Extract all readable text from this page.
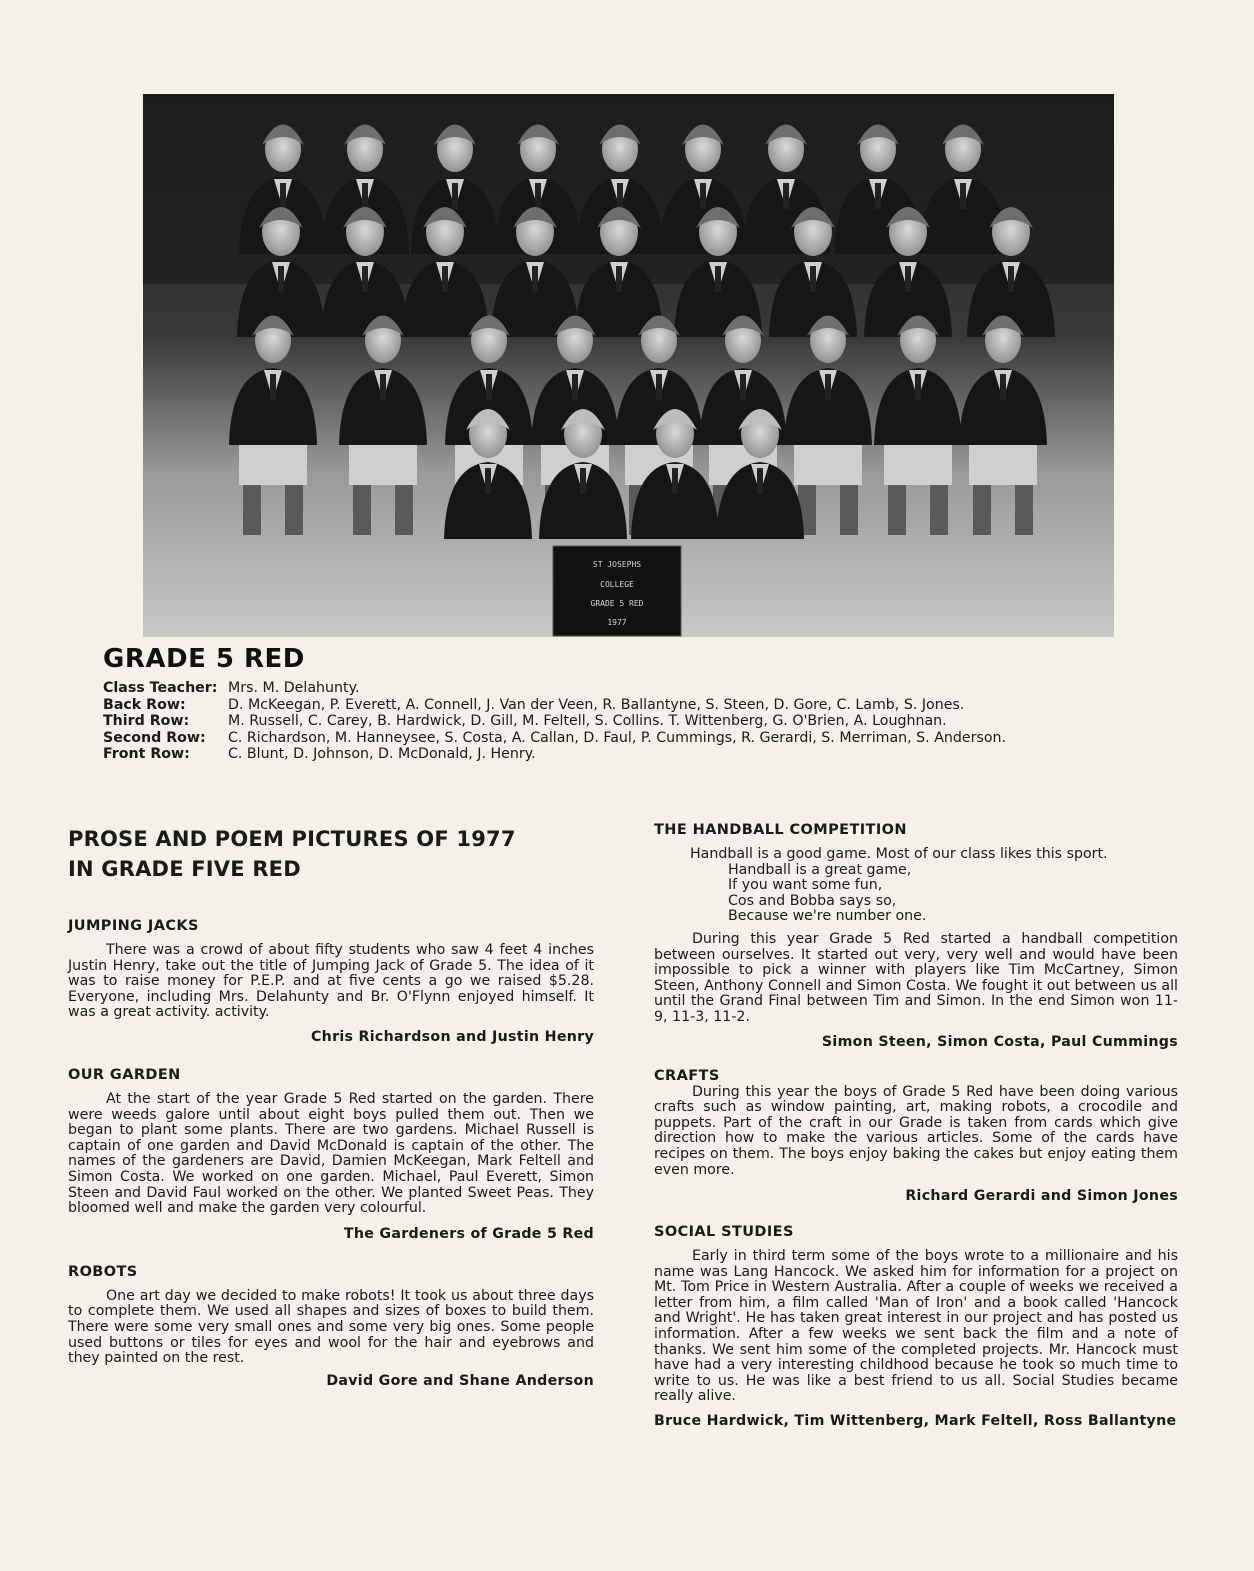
ST JOSEPHS
COLLEGE
GRADE 5 RED
1977
GRADE 5 RED
Class Teacher: Mrs. M. Delahunty.
Back Row:	D. McKeegan, P. Everett, A. Connell, J. Van der Veen, R. Ballantyne, S. Steen, D. Gore, C. Lamb, S. Jones.
Third Row:	M. Russell, C. Carey, B. Hardwick, D. Gill, M. Feltell, S. Collins. T. Wittenberg, G. O'Brien, A. Loughnan.
Second Row:	C. Richardson, M. Hanneysee, S. Costa, A. Callan, D. Faul, P. Cummings, R. Gerardi, S. Merriman, S. Anderson.
Front Row:	C. Blunt, D. Johnson, D. McDonald, J. Henry.
PROSE AND POEM PICTURES OF 1977
IN GRADE FIVE RED
JUMPING JACKS

There was a crowd of about fifty students who saw 4 feet 4 inches Justin Henry, take out the title of Jumping Jack of Grade 5. The idea of it was to raise money for P.E.P. and at five cents a go we raised $5.28. Everyone, including Mrs. Delahunty and Br. O'Flynn enjoyed himself. It was a great activity. activity.

Chris Richardson and Justin Henry
OUR GARDEN

At the start of the year Grade 5 Red started on the garden. There were weeds galore until about eight boys pulled them out. Then we began to plant some plants. There are two gardens. Michael Russell is captain of one garden and David McDonald is captain of the other. The names of the gardeners are David, Damien McKeegan, Mark Feltell and Simon Costa. We worked on one garden. Michael, Paul Everett, Simon Steen and David Faul worked on the other. We planted Sweet Peas. They bloomed well and make the garden very colourful.

The Gardeners of Grade 5 Red
ROBOTS

One art day we decided to make robots! It took us about three days to complete them. We used all shapes and sizes of boxes to build them. There were some very small ones and some very big ones. Some people used buttons or tiles for eyes and wool for the hair and eyebrows and they painted on the rest.

David Gore and Shane Anderson
THE HANDBALL COMPETITION
Handball is a good game. Most of our class likes this sport.
Handball is a great game,
If you want some fun,
Cos and Bobba says so,
Because we're number one.

During this year Grade 5 Red started a handball competition between ourselves. It started out very, very well and would have been impossible to pick a winner with players like Tim McCartney, Simon Steen, Anthony Connell and Simon Costa. We fought it out between us all until the Grand Final between Tim and Simon. In the end Simon won 11-9, 11-3, 11-2.

Simon Steen, Simon Costa, Paul Cummings
CRAFTS

During this year the boys of Grade 5 Red have been doing various crafts such as window painting, art, making robots, a crocodile and puppets. Part of the craft in our Grade is taken from cards which give direction how to make the various articles. Some of the cards have recipes on them. The boys enjoy baking the cakes but enjoy eating them even more.

Richard Gerardi and Simon Jones
SOCIAL STUDIES

Early in third term some of the boys wrote to a millionaire and his name was Lang Hancock. We asked him for information for a project on Mt. Tom Price in Western Australia. After a couple of weeks we received a letter from him, a film called 'Man of Iron' and a book called 'Hancock and Wright'. He has taken great interest in our project and has posted us information. After a few weeks we sent back the film and a note of thanks. We sent him some of the completed projects. Mr. Hancock must have had a very interesting childhood because he took so much time to write to us. He was like a best friend to us all. Social Studies became really alive.

Bruce Hardwick, Tim Wittenberg, Mark Feltell, Ross Ballantyne
